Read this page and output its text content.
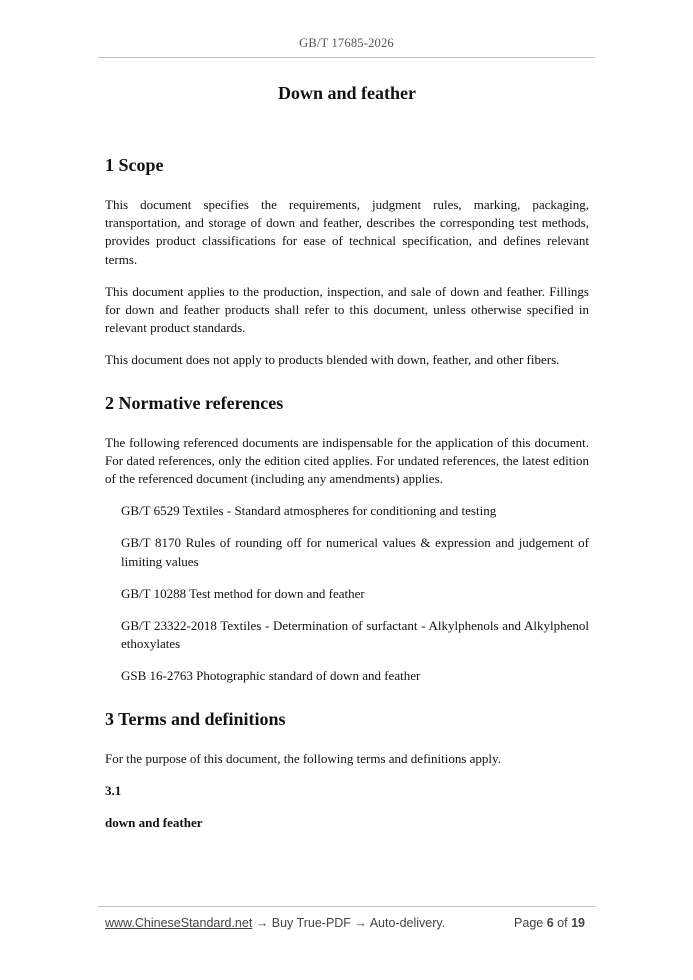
GB/T 17685-2026
Down and feather
1 Scope

This document specifies the requirements, judgment rules, marking, packaging, transportation, and storage of down and feather, describes the corresponding test methods, provides product classifications for ease of technical specification, and defines relevant terms.

This document applies to the production, inspection, and sale of down and feather. Fillings for down and feather products shall refer to this document, unless otherwise specified in relevant product standards.

This document does not apply to products blended with down, feather, and other fibers.

2 Normative references

The following referenced documents are indispensable for the application of this document. For dated references, only the edition cited applies. For undated references, the latest edition of the referenced document (including any amendments) applies.

GB/T 6529 Textiles - Standard atmospheres for conditioning and testing

GB/T 8170 Rules of rounding off for numerical values & expression and judgement of limiting values

GB/T 10288 Test method for down and feather

GB/T 23322-2018 Textiles - Determination of surfactant - Alkylphenols and Alkylphenol ethoxylates

GSB 16-2763 Photographic standard of down and feather

3 Terms and definitions

For the purpose of this document, the following terms and definitions apply.

3.1
down and feather
www.ChineseStandard.net → Buy True-PDF → Auto-delivery.	Page 6 of 19
